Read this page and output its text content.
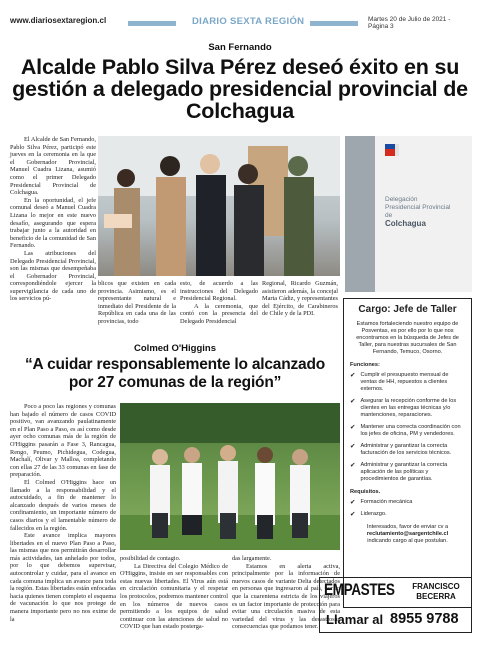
www.diariosextaregion.cl	DIARIO SEXTA REGIÓN	Martes 20 de Julio de 2021 - Página 3
San Fernando
Alcalde Pablo Silva Pérez deseó éxito en su gestión a delegado presidencial provincial de Colchagua

El Alcalde de San Fernando, Pablo Silva Pérez, participó este jueves en la ceremonia en la que el Gobernador Provincial, Manuel Cuadra Lizana, asumió como el primer Delegado Presidencial Provincial de Colchagua.

En la oportunidad, el jefe comunal deseó a Manuel Cuadra Lizana lo mejor en este nuevo desafío, asegurando que espera trabajar junto a la autoridad en beneficio de la comunidad de San Fernando.

Las atribuciones del Delegado Presidencial Provincial, son las mismas que desempeñaba el Gobernador Provincial, correspondiéndole ejercer la supervigilancia de cada uno de los servicios pú-

Delegación
Presidencial Provincial
de
Colchagua

blicos que existen en cada provincia. Asimismo, es el representante natural e inmediato del Presidente de la República en cada una de las provincias, todo

esto, de acuerdo a las instrucciones del Delegado Presidencial Regional.

A la ceremonia, que contó con la presencia del Delegado Presidencial

Regional, Ricardo Guzmán, asistieron además, la concejal Marta Cádiz, y representantes del Ejército, de Carabineros de Chile y de la PDI.

Colmed O'Higgins
“A cuidar responsablemente lo alcanzado por 27 comunas de la región”

Poco a poco las regiones y comunas han bajado el número de casos COVID positivo, van avanzando paulatinamente en el Plan Paso a Paso, es así como desde ayer ocho comunas más de la región de O'Higgins pasarán a Fase 3, Rancagua, Rengo, Peumo, Pichidegua, Codegua, Machalí, Olivar y Malloa, completando con ellas 27 de las 33 comunas en fase de preparación.

El Colmed O'Higgins hace un llamado a la responsabilidad y el autocuidado, a fin de mantener lo alcanzado después de varios meses de confinamiento, un importante número de casos diarios y el lamentable número de fallecidos en la región.

Este avance implica mayores libertades en el nuevo Plan Paso a Paso, las mismas que nos permitirán desarrollar más actividades, tan anhelado por todos, por lo que debemos supervisar, autocontrolar y cuidar, para el avance en cada comuna implica un avance para toda la región. Estas libertades están enfocadas hacia quienes tienen completo el esquema de vacunación lo que nos protege de manera importante pero no nos exime de la

posibilidad de contagio.

La Directiva del Colegio Médico de O'Higgins, insiste en ser responsables con estas nuevas libertades. El Virus aún está en circulación comunitaria y el respetar los protocolos, podremos mantener control en los números de nuevos casos permitiendo a los equipos de salud continuar con las atenciones de salud no COVID que han estado posterga-

das largamente.

Estamos en alerta activa, principalmente por la información de nuevos casos de variante Delta detectados en personas que ingresaron al país, por lo que la cuarentena estricta de los viajeros es un factor importante de protección para evitar una circulación masiva de esta variedad del virus y las desastrosas consecuencias que podamos tener.

Cargo: Jefe de Taller
Estamos fortaleciendo nuestro equipo de Posventas, es por ello por lo que nos encontramos en la búsqueda de Jefes de Taller, para nuestras sucursales de San Fernando, Temuco, Osorno.
Funciones:
✔ Cumplir el presupuesto mensual de ventas de HH, repuestos a clientes externos.
✔ Asegurar la recepción conforme de los clientes en las entregas técnicas y/o mantenciones, reparaciones.
✔ Mantener una correcta coordinación con los jefes de oficina, PM y vendedores.
✔ Administrar y garantizar la correcta facturación de los servicios técnicos.
✔ Administrar y garantizar la correcta aplicación de las políticas y procedimientos de garantías.
Requisitos.
✔ Formación mecánica
✔ Liderazgo.
Interesados, favor de enviar cv a
reclutamiento@sargentchile.cl
indicando cargo al que postulan.
EMPASTES	FRANCISCO BECERRA
Llamar al 8955 9788
